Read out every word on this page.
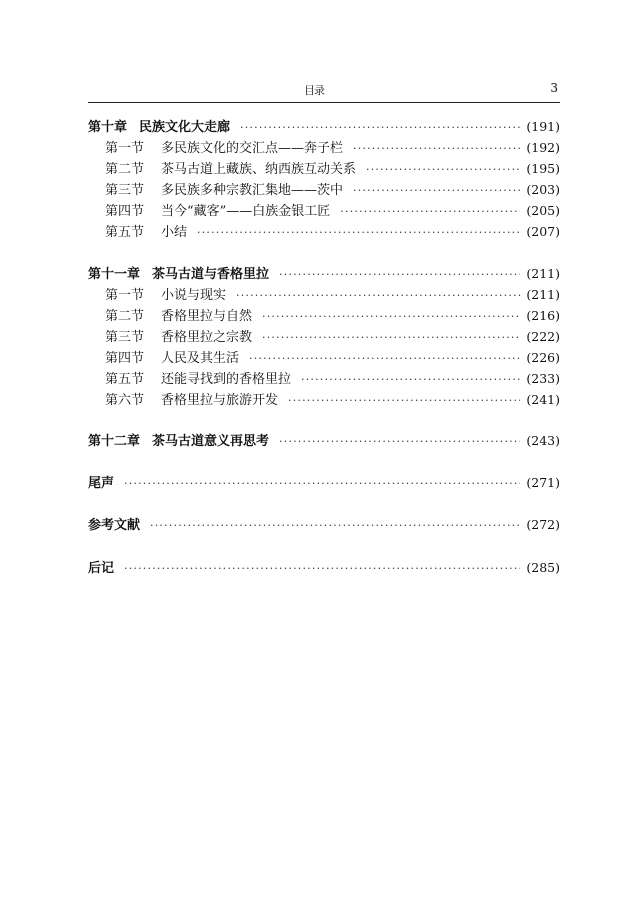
目
录	3
第十章 民族文化大走廊 ·····	(191)
第一节	多民族文化的交汇点——奔子栏 ·····	(192)
第二节	茶马古道上藏族、纳西族互动关系 ·····	(195)
第三节	多民族多种宗教汇集地——茨中 ·····	(203)
第四节	当今“藏客”——白族金银工匠 ·····	(205)
第五节	小结 ·····	(207)
第十一章 茶马古道与香格里拉 ·····	(211)
第一节	小说与现实 ·····	(211)
第二节	香格里拉与自然 ·····	(216)
第三节	香格里拉之宗教 ·····	(222)
第四节	人民及其生活 ·····	(226)
第五节	还能寻找到的香格里拉 ·····	(233)
第六节	香格里拉与旅游开发 ·····	(241)
第十二章 茶马古道意义再思考 ·····	(243)
尾声 ·····	(271)
参考文献 ·····	(272)
后记 ·····	(285)
